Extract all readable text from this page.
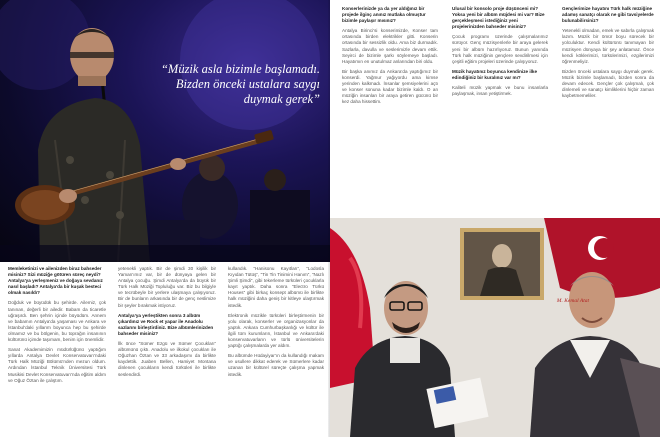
“Müzik asla bizimle başlamadı.
Bizden önceki ustalara saygı
duymak gerek”
Memleketinizi ve ailenizden biraz bahseder misiniz? Sizi müziğe götüren süreç neydi? Antalya'ya yerleşmeniz ve doğaya sevdanız nasıl başladı? Antalya'da bir kuşak besteci olmak nasıldı?
Doğduk ve büyüdük bu şehirde. Ailemiz, çok tanınan, değerli bir ailedir. Babam da ticaretle uğraşırdı. Ben şehrin içinde büyüdüm. Annem ve babamın Antalya’da yaşaması ve Ankara ve İstanbul’daki yıllarım boyunca hep bu şehirde olmamız ve bu bölgenin, bu toprağın insanının kültürünü içimde taşımam, benim için önemlidir.
Sanat Akademimizin müdürlüğünü yaptığım yıllarda Antalya Devlet Konservatuvarı’ndaki Türk Halk Müziği Bölümü’nden mezun oldum. Ardından İstanbul Teknik Üniversitesi Türk Musikisi Devlet Konservatuvarı’nda eğitim aldım ve Oğuz Öztan ile çalıştım.
yetenekli yaptık. Bir de şimdi 30 kişilik bir Yaman’ımız var, bir de dünyaya gelen bir Antalya çocuğu. Şimdi Antalya’da da büyük bir Türk Halk Müziği Topluluğu var. Biz bu bilgiyle ve tecrübeyle bir yerlere ulaşmaya çalışıyoruz. Bir de bunların arkasında bir de genç neslimize bir şeyler bırakmak istiyoruz.
Antalya’ya yerleştikten sonra 3 albüm çıkardınız ve Rock et yapar ile Anadolu sazlarını birleştirdiniz. Bize albümlerinizden bahseder misiniz?
İlk önce “Sümer Ezgü ve Sümer Çocukları” albümünü çıktı. Anadolu ve ilkokul çocukları ile Oğuzhan Öztan ve 33 arkadaşımı da birlikte kaydettik. Juaben Bellen, Hamiyet Montana dinlenen çocukların kendi türküleri ile birlikte seslendirdi.
kullandık. “Hanisonu Kayıtları”, “Lodosla Kıyıdan Tütüş”, “Tin Tin Tinimini Hanım”, “Nazlı Şimli Şimdi”, gibi tekerleme türküleri çocuklarla kayıt yaptık. Daha sonra “Electro Türkü Houses” gibi birkaç konsept albümü ile birlikte halk müziğini daha geniş bir kitleye ulaştırmak istedik.
Elektronik müzikle türküleri birleştirmenin bir yolu olarak, konserler ve organizasyonlar da yaptık. Ankara Cumhurbaşkanlığı ve kültür ile ilgili tüm kurumların, İstanbul ve Ankara’daki konservatuvarların ve türlü üniversitelerin yaptığı çalışmalarda yer aldım.
Bu albümde Hüdayiyar’ın da kullandığı makam ve usullere dikkat ederek ve Sümerlere kadar uzanan bir kültürel süreçte çalışma yapmak istedik.
Konserlerinizde ya da yer aldığınız bir projede ilginç anınız mutlaka olmuştur bizimle paylaşır mısınız?
Antalya Birinci’si konserimizde, Konser tam ortasında birden elektrikler gitti. Konserin ortasında bir sessizlik oldu. Ama biz durmadık. Sazlarla, davulla ve seslerimizle devam ettik. Seyirci de bizimle şarkı söylemeye başladı. Hayatımın en unutulmaz anlarından biri oldu.
Bir başka anımız da Ankara’da yaptığımız bir konserdi. Yağmur yağıyordu ama kimse yerinden kalkmadı. İnsanlar şemsiyelerini açtı ve konser sonuna kadar bizimle kaldı. O an müziğin insanları bir araya getiren gücünü bir kez daha hissettim.
Ulusal bir konsolo proje düşünceni mi? Yoksa yeni bir albüm müjdesi mi var? Bize gerçekleşmesi istediğiniz yeni projelerinizden bahseder misiniz?
Çocuk programı üzerinde çalışmalarımız sürüyor. Genç müzisyenlerle bir araya gelerek yeni bir albüm hazırlıyoruz. Bunun yanında Türk halk müziğinin gençlere sevdirilmesi için çeşitli eğitim projeleri üzerinde çalışıyoruz.
Müzik hayatınız boyunca kendinize ilke edindiğiniz bir kuralınız var mı?
Kaliteli müzik yapmak ve bunu insanlarla paylaşmak, insan yetiştirmek.
Gençlerimize hayatını Türk halk müziğine adamış sanatçı olarak ne gibi tavsiyelerde bulunabilirsiniz?
Yetenekli olmadan, emek ve sabırla çalışmak lazım. Müzik bir ömür boyu sürecek bir yolculuktur. Kendi kültürünü tanımayan bir müzisyen dünyaya bir şey anlatamaz. Önce kendi köklerimizi, türkülerimizi, ezgilerimizi öğrenmeliyiz.
Bizden önceki ustalara saygı duymak gerek. Müzik bizimle başlamadı, bizden sonra da devam edecek. Gençler çok çalışmalı, çok dinlemeli ve sanatçı kimliklerini hiçbir zaman kaybetmemeliler.
M. Kemal Atat
